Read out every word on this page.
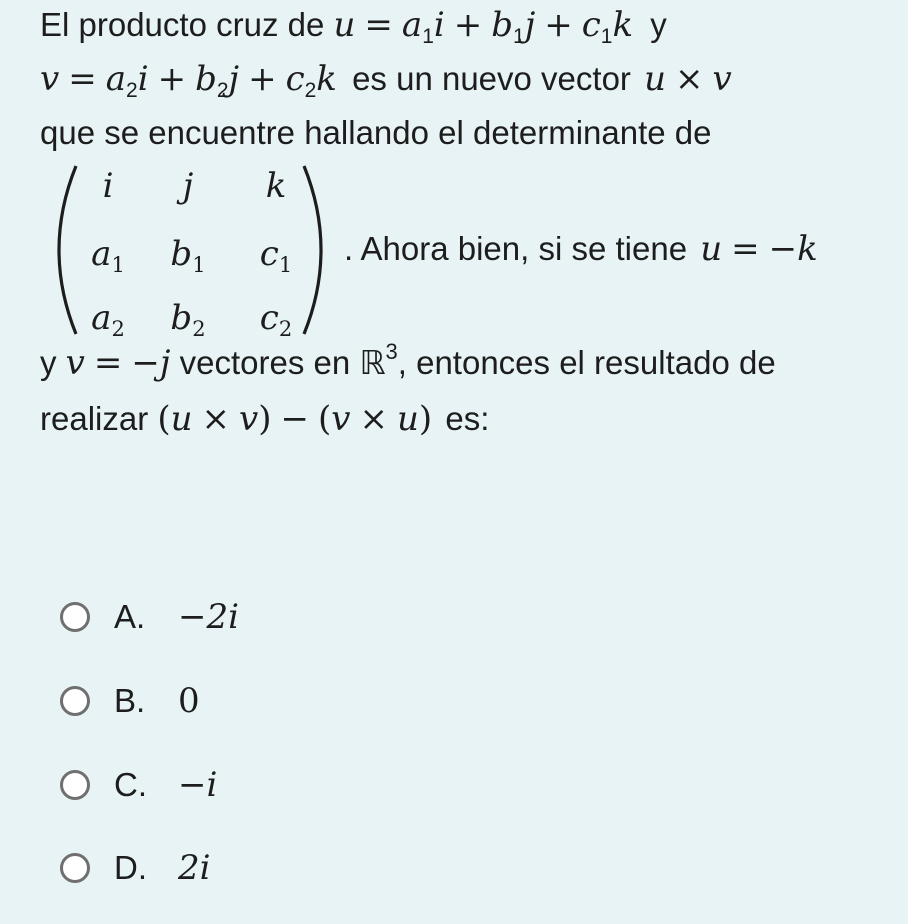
El producto cruz de $u = a_1i + b_1j + c_1k$ y
$v = a_2i + b_2j + c_2k$ es un nuevo vector u × v
que se encuentre hallando el determinante de
i	j	k
$a_1$	$b_1$	$c_1$
$a_2$	$b_2$	$c_2$
. Ahora bien, si se tiene u = −k
y v = −j vectores en ℝ$^3$, entonces el resultado de
realizar (u × v) − (v × u) es:
A. −2i
B. 0
C. −i
D. 2i
